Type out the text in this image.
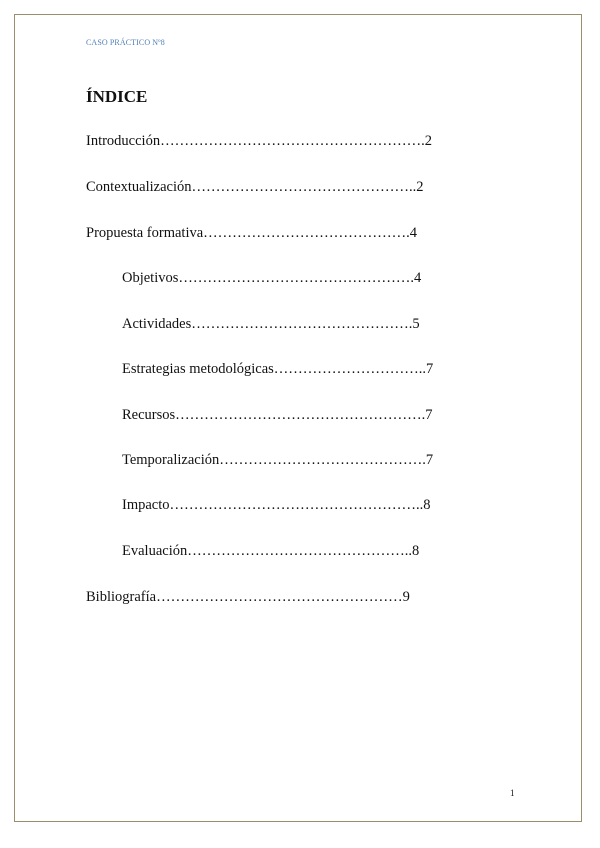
CASO PRÁCTICO Nº8
ÍNDICE
Introducción……………………………………………….2
Contextualización………………………………………..2
Propuesta formativa…………………………………….4
Objetivos………………………………………….4
Actividades……………………………………….5
Estrategias metodológicas…………………………..7
Recursos…………………………………………….7
Temporalización…………………………………….7
Impacto……………………………………………..8
Evaluación………………………………………..8
Bibliografía……………………………………………9
1
